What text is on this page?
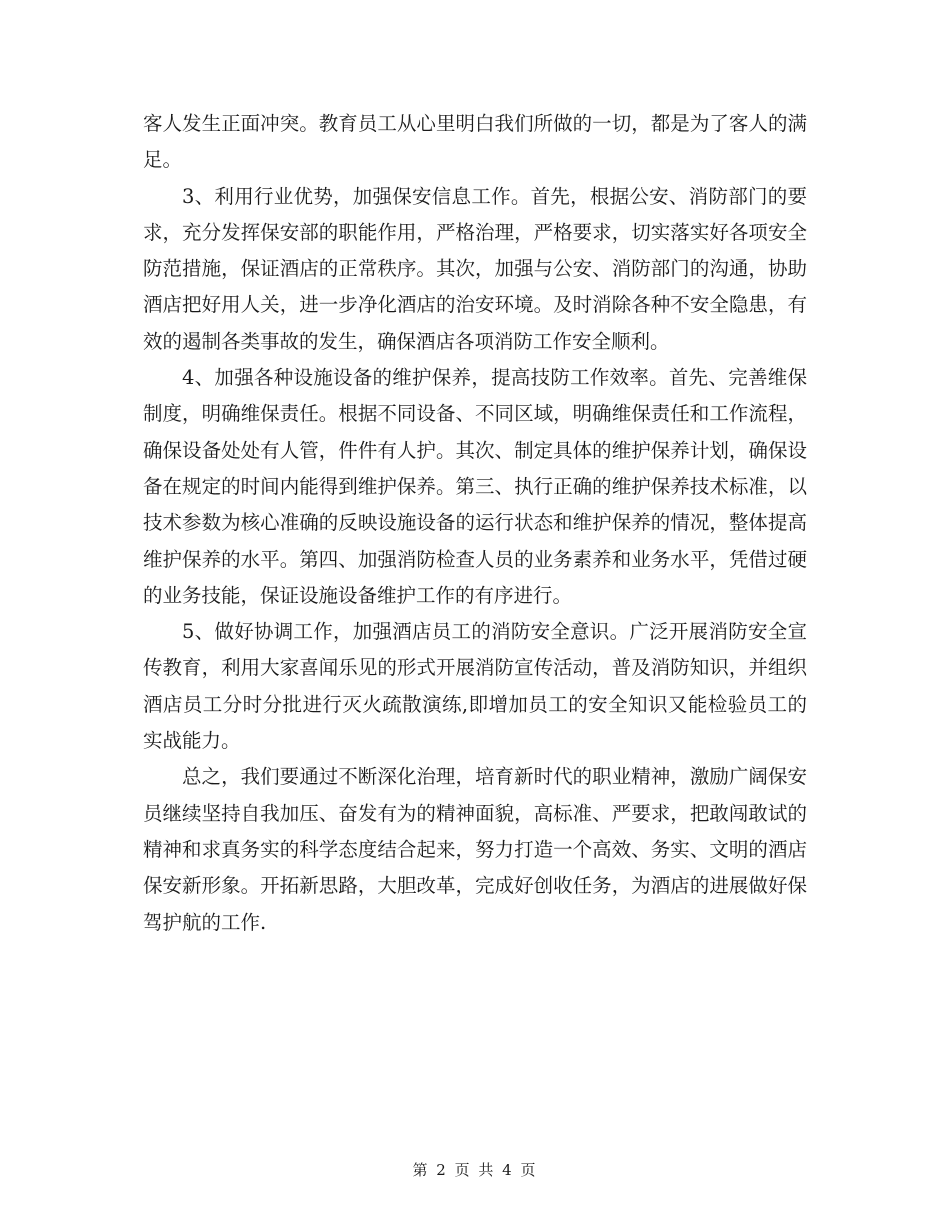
客人发生正面冲突。教育员工从心里明白我们所做的一切，都是为了客人的满足。

3、利用行业优势，加强保安信息工作。首先，根据公安、消防部门的要求，充分发挥保安部的职能作用，严格治理，严格要求，切实落实好各项安全防范措施，保证酒店的正常秩序。其次，加强与公安、消防部门的沟通，协助酒店把好用人关，进一步净化酒店的治安环境。及时消除各种不安全隐患，有效的遏制各类事故的发生，确保酒店各项消防工作安全顺利。

4、加强各种设施设备的维护保养，提高技防工作效率。首先、完善维保制度，明确维保责任。根据不同设备、不同区域，明确维保责任和工作流程，确保设备处处有人管，件件有人护。其次、制定具体的维护保养计划，确保设备在规定的时间内能得到维护保养。第三、执行正确的维护保养技术标准，以技术参数为核心准确的反映设施设备的运行状态和维护保养的情况，整体提高维护保养的水平。第四、加强消防检查人员的业务素养和业务水平，凭借过硬的业务技能，保证设施设备维护工作的有序进行。

5、做好协调工作，加强酒店员工的消防安全意识。广泛开展消防安全宣传教育，利用大家喜闻乐见的形式开展消防宣传活动，普及消防知识，并组织酒店员工分时分批进行灭火疏散演练,即增加员工的安全知识又能检验员工的实战能力。

总之，我们要通过不断深化治理，培育新时代的职业精神，激励广阔保安员继续坚持自我加压、奋发有为的精神面貌，高标准、严要求，把敢闯敢试的精神和求真务实的科学态度结合起来，努力打造一个高效、务实、文明的酒店保安新形象。开拓新思路，大胆改革，完成好创收任务，为酒店的进展做好保驾护航的工作.

第 2 页 共 4 页
